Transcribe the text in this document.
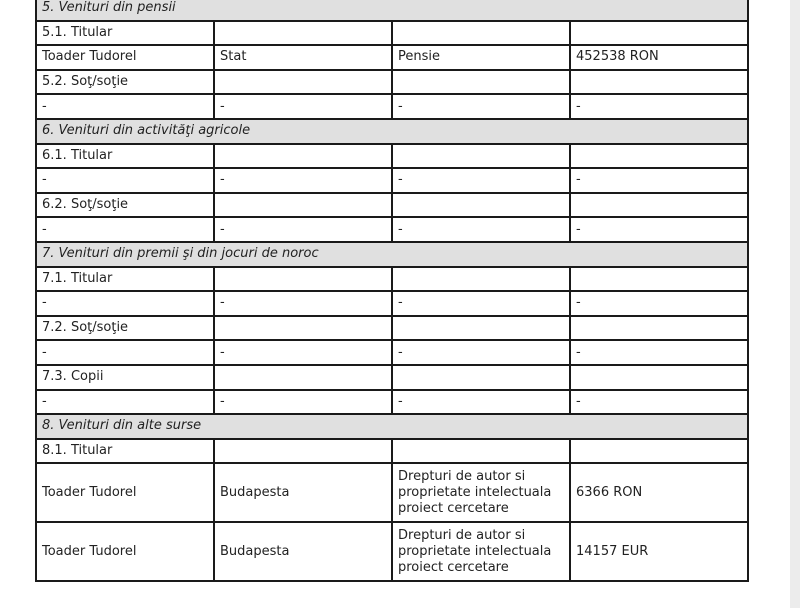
5. Venituri din pensii			
5.1. Titular			
Toader Tudorel	Stat	Pensie	452538 RON
5.2. Soţ/soţie			
-	-	-	-
6. Venituri din activităţi agricole			
6.1. Titular			
-	-	-	-
6.2. Soţ/soţie			
-	-	-	-
7. Venituri din premii şi din jocuri de noroc			
7.1. Titular			
-	-	-	-
7.2. Soţ/soţie			
-	-	-	-
7.3. Copii			
-	-	-	-
8. Venituri din alte surse			
8.1. Titular			
Toader Tudorel	Budapesta	Drepturi de autor si proprietate intelectuala proiect cercetare	6366 RON
Toader Tudorel	Budapesta	Drepturi de autor si proprietate intelectuala proiect cercetare	14157 EUR
